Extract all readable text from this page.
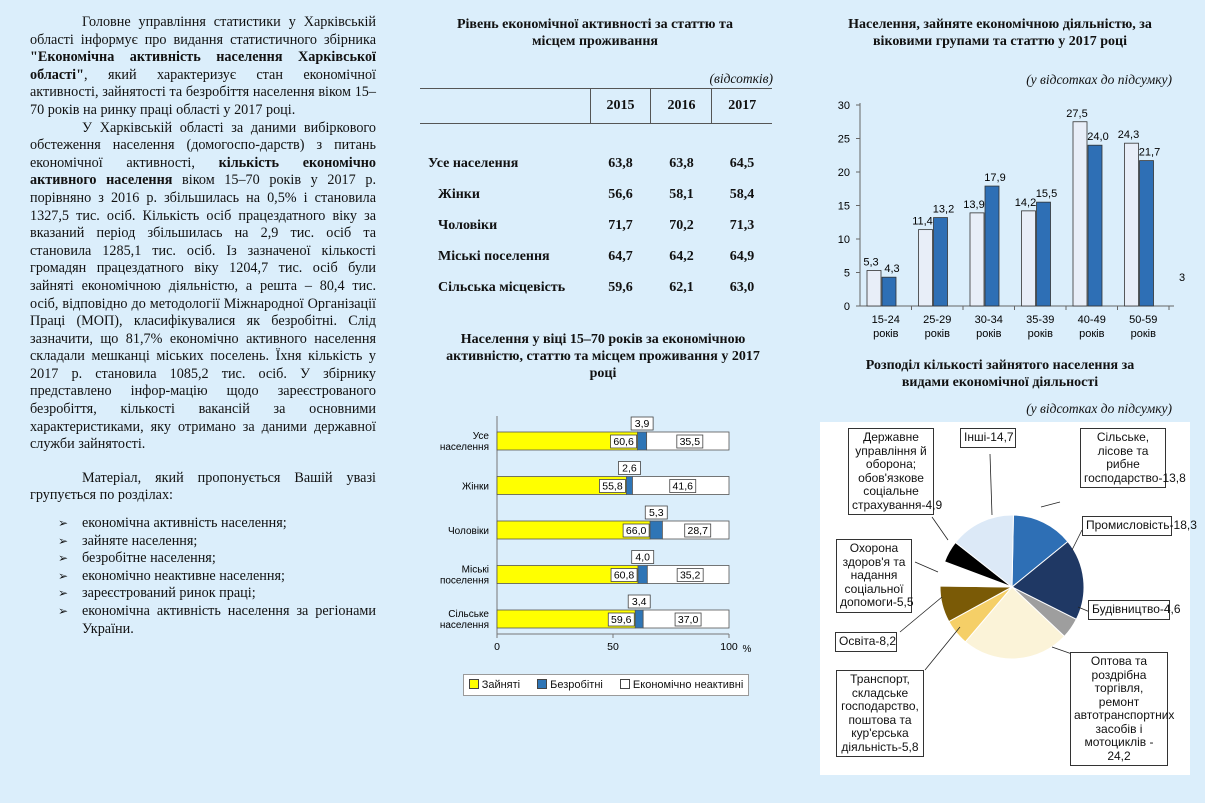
Головне управління статистики у Харківській області інформує про видання статистичного збірника "Економічна активність населення Харківської області", який характеризує стан економічної активності, зайнятості та безробіття населення віком 15–70 років на ринку праці області у 2017 році.

У Харківській області за даними вибіркового обстеження населення (домогоспо-дарств) з питань економічної активності, кількість економічно активного населення віком 15–70 років у 2017 р. порівняно з 2016 р. збільшилась на 0,5% і становила 1327,5 тис. осіб. Кількість осіб працездатного віку за вказаний період збільшилась на 2,9 тис. осіб та становила 1285,1 тис. осіб. Із зазначеної кількості громадян працездатного віку 1204,7 тис. осіб були зайняті економічною діяльністю, а решта – 80,4 тис. осіб, відповідно до методології Міжнародної Організації Праці (МОП), класифікувалися як безробітні. Слід зазначити, що 81,7% економічно активного населення складали мешканці міських поселень. Їхня кількість у 2017 р. становила 1085,2 тис. осіб. У збірнику представлено інфор-мацію щодо зареєстрованого безробіття, кількості вакансій за основними характеристиками, яку отримано за даними державної служби зайнятості.

Матеріал, який пропонується Вашій увазі групується по розділах:

➢ економічна активність населення;
➢ зайняте населення;
➢ безробітне населення;
➢ економічно неактивне населення;
➢ зареєстрований ринок праці;
➢ економічна активність населення за регіонами України.
Рівень економічної активності за статтю та місцем проживання
(відсотків)
	2015	2016	2017

Усе населення	63,8	63,8	64,5
Жінки	56,6	58,1	58,4
Чоловіки	71,7	70,2	71,3
Міські поселення	64,7	64,2	64,9
Сільська місцевість	59,6	62,1	63,0
Населення у віці 15–70 років за економічною активністю, статтю та місцем проживання у 2017 році
0	50	100 %
Усе
населення	60,6
3,9
35,5
Жінки	55,8
2,6
41,6
Чоловіки	66,0
5,3
28,7
Міські
поселення	60,8
4,0
35,2
Сільське
населення	59,6
3,4
37,0
Зайняті	Безробітні	Економічно неактивні
Населення, зайняте економічною діяльністю, за віковими групами та статтю у 2017 році
(у відсотках до підсумку)
0
5
10
15
20
25
30
5,3
4,3
15-24
років
11,4
13,2
25-29
років
13,9
17,9
30-34
років
14,2
15,5
35-39
років
27,5
24,0
40-49
років
24,3
21,7
50-59
років
3
Розподіл кількості зайнятого населення за видами економічної діяльності
(у відсотках до підсумку)
Державне управління й оборона; обов'язкове соціальне страхування-4,9
Інші-14,7	Сільське, лісове та рибне господарство-13,8
Промисловість-18,3
Охорона здоров'я та надання соціальної допомоги-5,5	Будівництво-4,6
Освіта-8,2
Оптова та роздрібна торгівля, ремонт автотранспортних засобів і мотоциклів - 24,2
Транспорт, складське господарство, поштова та кур'єрська діяльність-5,8
